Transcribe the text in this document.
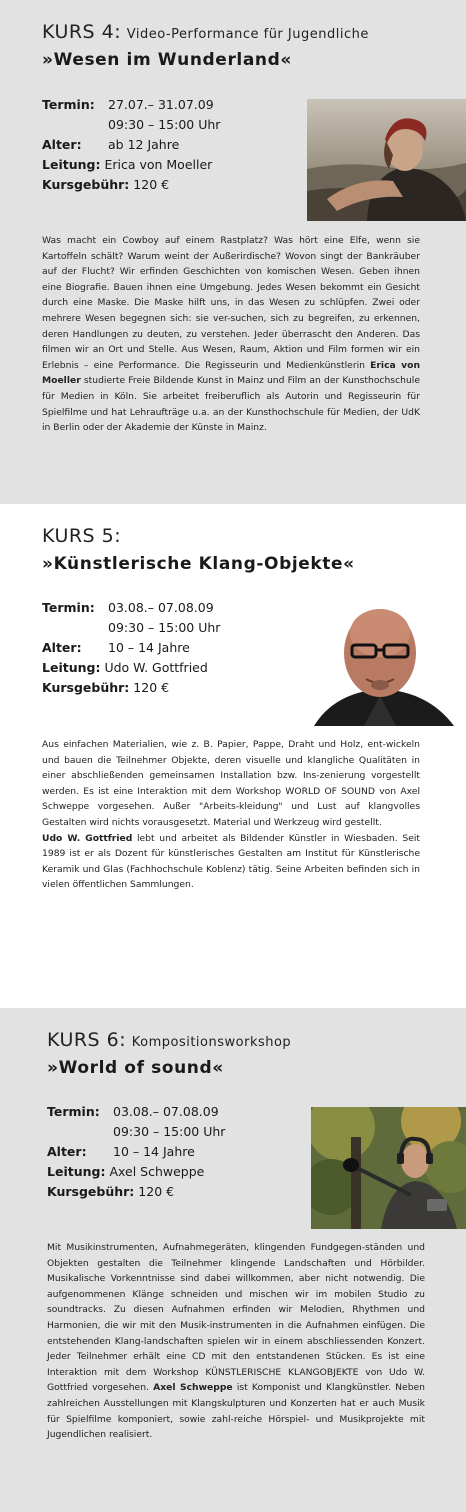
KURS 4: Video-Performance für Jugendliche
»Wesen im Wunderland«
Termin: 27.07.– 31.07.09
09:30 – 15:00 Uhr
Alter: ab 12 Jahre
Leitung: Erica von Moeller
Kursgebühr: 120 €

Was macht ein Cowboy auf einem Rastplatz? Was hört eine Elfe, wenn sie Kartoffeln schält? Warum weint der Außerirdische? Wovon singt der Bankräuber auf der Flucht? Wir erfinden Geschichten von komischen Wesen. Geben ihnen eine Biografie. Bauen ihnen eine Umgebung. Jedes Wesen bekommt ein Gesicht durch eine Maske. Die Maske hilft uns, in das Wesen zu schlüpfen. Zwei oder mehrere Wesen begegnen sich: sie ver-suchen, sich zu begreifen, zu erkennen, deren Handlungen zu deuten, zu verstehen. Jeder überrascht den Anderen. Das filmen wir an Ort und Stelle. Aus Wesen, Raum, Aktion und Film formen wir ein Erlebnis – eine Performance. Die Regisseurin und Medienkünstlerin Erica von Moeller studierte Freie Bildende Kunst in Mainz und Film an der Kunsthochschule für Medien in Köln. Sie arbeitet freiberuflich als Autorin und Regisseurin für Spielfilme und hat Lehraufträge u.a. an der Kunsthochschule für Medien, der UdK in Berlin oder der Akademie der Künste in Mainz.

KURS 5:
»Künstlerische Klang-Objekte«
Termin: 03.08.– 07.08.09
09:30 – 15:00 Uhr
Alter: 10 – 14 Jahre
Leitung: Udo W. Gottfried
Kursgebühr: 120 €

Aus einfachen Materialien, wie z. B. Papier, Pappe, Draht und Holz, ent-wickeln und bauen die Teilnehmer Objekte, deren visuelle und klangliche Qualitäten in einer abschließenden gemeinsamen Installation bzw. Ins-zenierung vorgestellt werden. Es ist eine Interaktion mit dem Workshop WORLD OF SOUND von Axel Schweppe vorgesehen. Außer "Arbeits-kleidung" und Lust auf klangvolles Gestalten wird nichts vorausgesetzt. Material und Werkzeug wird gestellt.

Udo W. Gottfried lebt und arbeitet als Bildender Künstler in Wiesbaden. Seit 1989 ist er als Dozent für künstlerisches Gestalten am Institut für Künstlerische Keramik und Glas (Fachhochschule Koblenz) tätig. Seine Arbeiten befinden sich in vielen öffentlichen Sammlungen.

KURS 6: Kompositionsworkshop
»World of sound«
Termin: 03.08.– 07.08.09
09:30 – 15:00 Uhr
Alter: 10 – 14 Jahre
Leitung: Axel Schweppe
Kursgebühr: 120 €

Mit Musikinstrumenten, Aufnahmegeräten, klingenden Fundgegen-ständen und Objekten gestalten die Teilnehmer klingende Landschaften und Hörbilder. Musikalische Vorkenntnisse sind dabei willkommen, aber nicht notwendig. Die aufgenommenen Klänge schneiden und mischen wir im mobilen Studio zu soundtracks. Zu diesen Aufnahmen erfinden wir Melodien, Rhythmen und Harmonien, die wir mit den Musik-instrumenten in die Aufnahmen einfügen. Die entstehenden Klang-landschaften spielen wir in einem abschliessenden Konzert. Jeder Teilnehmer erhält eine CD mit den entstandenen Stücken. Es ist eine Interaktion mit dem Workshop KÜNSTLERISCHE KLANGOBJEKTE von Udo W. Gottfried vorgesehen. Axel Schweppe ist Komponist und Klangkünstler. Neben zahlreichen Ausstellungen mit Klangskulpturen und Konzerten hat er auch Musik für Spielfilme komponiert, sowie zahl-reiche Hörspiel- und Musikprojekte mit Jugendlichen realisiert.
